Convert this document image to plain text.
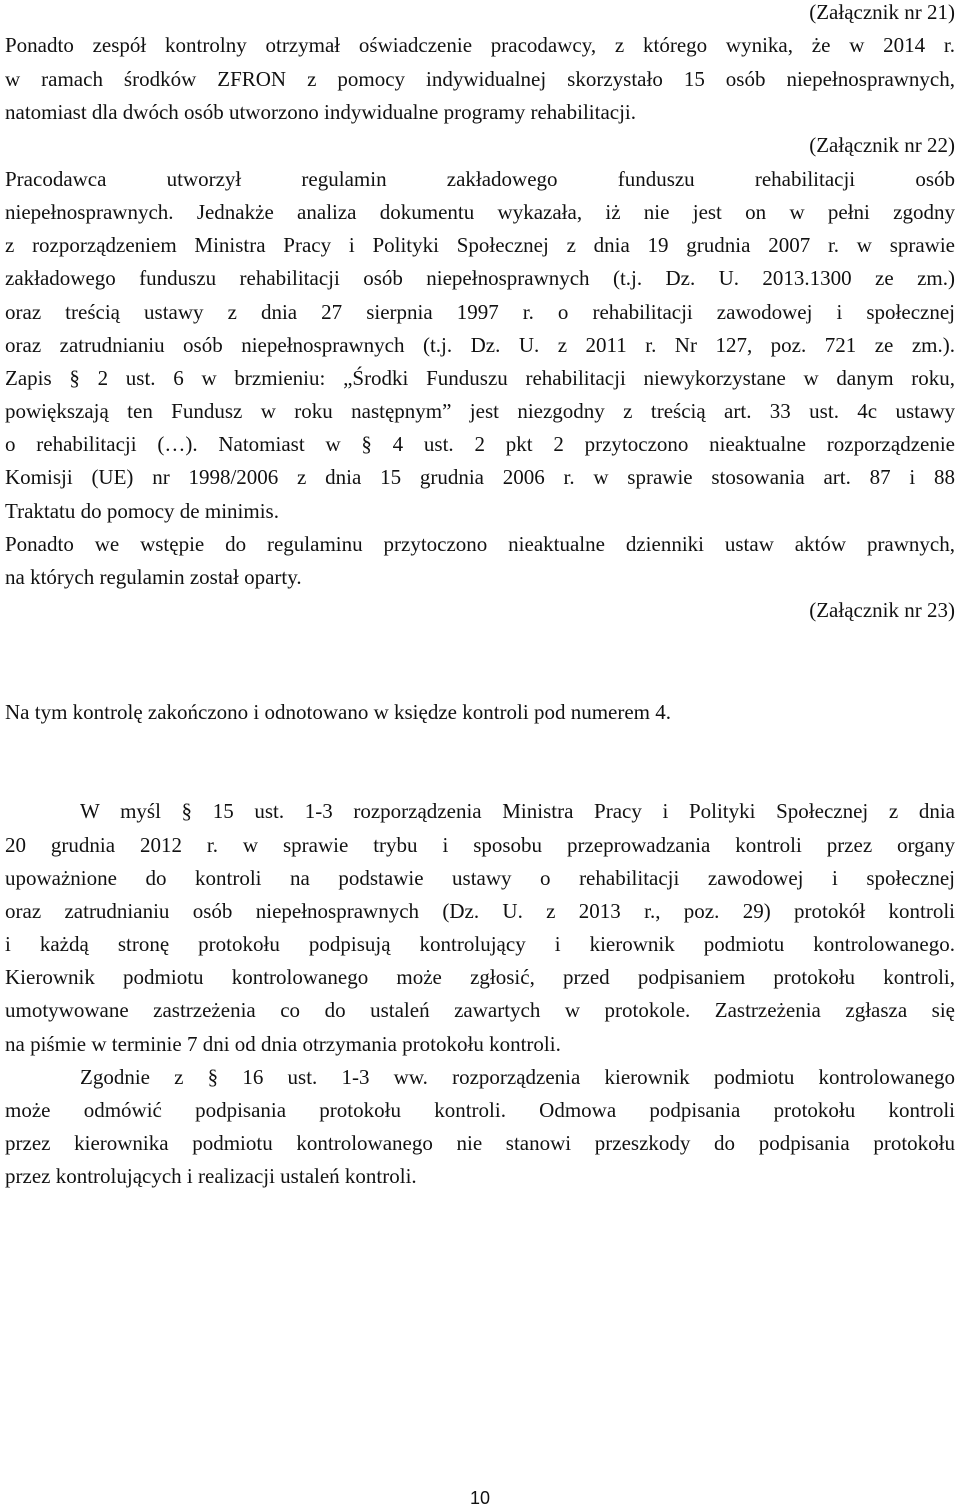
(Załącznik nr 21)
Ponadto zespół kontrolny otrzymał oświadczenie pracodawcy, z którego wynika, że w 2014 r.
w ramach środków ZFRON z pomocy indywidualnej skorzystało 15 osób niepełnosprawnych,
natomiast dla dwóch osób utworzono indywidualne programy rehabilitacji.
(Załącznik nr 22)
Pracodawca utworzył regulamin zakładowego funduszu rehabilitacji osób
niepełnosprawnych. Jednakże analiza dokumentu wykazała, iż nie jest on w pełni zgodny
z rozporządzeniem Ministra Pracy i Polityki Społecznej z dnia 19 grudnia 2007 r. w sprawie
zakładowego funduszu rehabilitacji osób niepełnosprawnych (t.j. Dz. U. 2013.1300 ze zm.)
oraz treścią ustawy z dnia 27 sierpnia 1997 r. o rehabilitacji zawodowej i społecznej
oraz zatrudnianiu osób niepełnosprawnych (t.j. Dz. U. z 2011 r. Nr 127, poz. 721 ze zm.).
Zapis § 2 ust. 6 w brzmieniu: „Środki Funduszu rehabilitacji niewykorzystane w danym roku,
powiększają ten Fundusz w roku następnym” jest niezgodny z treścią art. 33 ust. 4c ustawy
o rehabilitacji (…). Natomiast w § 4 ust. 2 pkt 2 przytoczono nieaktualne rozporządzenie
Komisji (UE) nr 1998/2006 z dnia 15 grudnia 2006 r. w sprawie stosowania art. 87 i 88
Traktatu do pomocy de minimis.
Ponadto we wstępie do regulaminu przytoczono nieaktualne dzienniki ustaw aktów prawnych,
na których regulamin został oparty.
(Załącznik nr 23)
Na tym kontrolę zakończono i odnotowano w księdze kontroli pod numerem 4.
W myśl § 15 ust. 1-3 rozporządzenia Ministra Pracy i Polityki Społecznej z dnia
20 grudnia 2012 r. w sprawie trybu i sposobu przeprowadzania kontroli przez organy
upoważnione do kontroli na podstawie ustawy o rehabilitacji zawodowej i społecznej
oraz zatrudnianiu osób niepełnosprawnych (Dz. U. z 2013 r., poz. 29) protokół kontroli
i każdą stronę protokołu podpisują kontrolujący i kierownik podmiotu kontrolowanego.
Kierownik podmiotu kontrolowanego może zgłosić, przed podpisaniem protokołu kontroli,
umotywowane zastrzeżenia co do ustaleń zawartych w protokole. Zastrzeżenia zgłasza się
na piśmie w terminie 7 dni od dnia otrzymania protokołu kontroli.
Zgodnie z § 16 ust. 1-3 ww. rozporządzenia kierownik podmiotu kontrolowanego
może odmówić podpisania protokołu kontroli. Odmowa podpisania protokołu kontroli
przez kierownika podmiotu kontrolowanego nie stanowi przeszkody do podpisania protokołu
przez kontrolujących i realizacji ustaleń kontroli.
10
